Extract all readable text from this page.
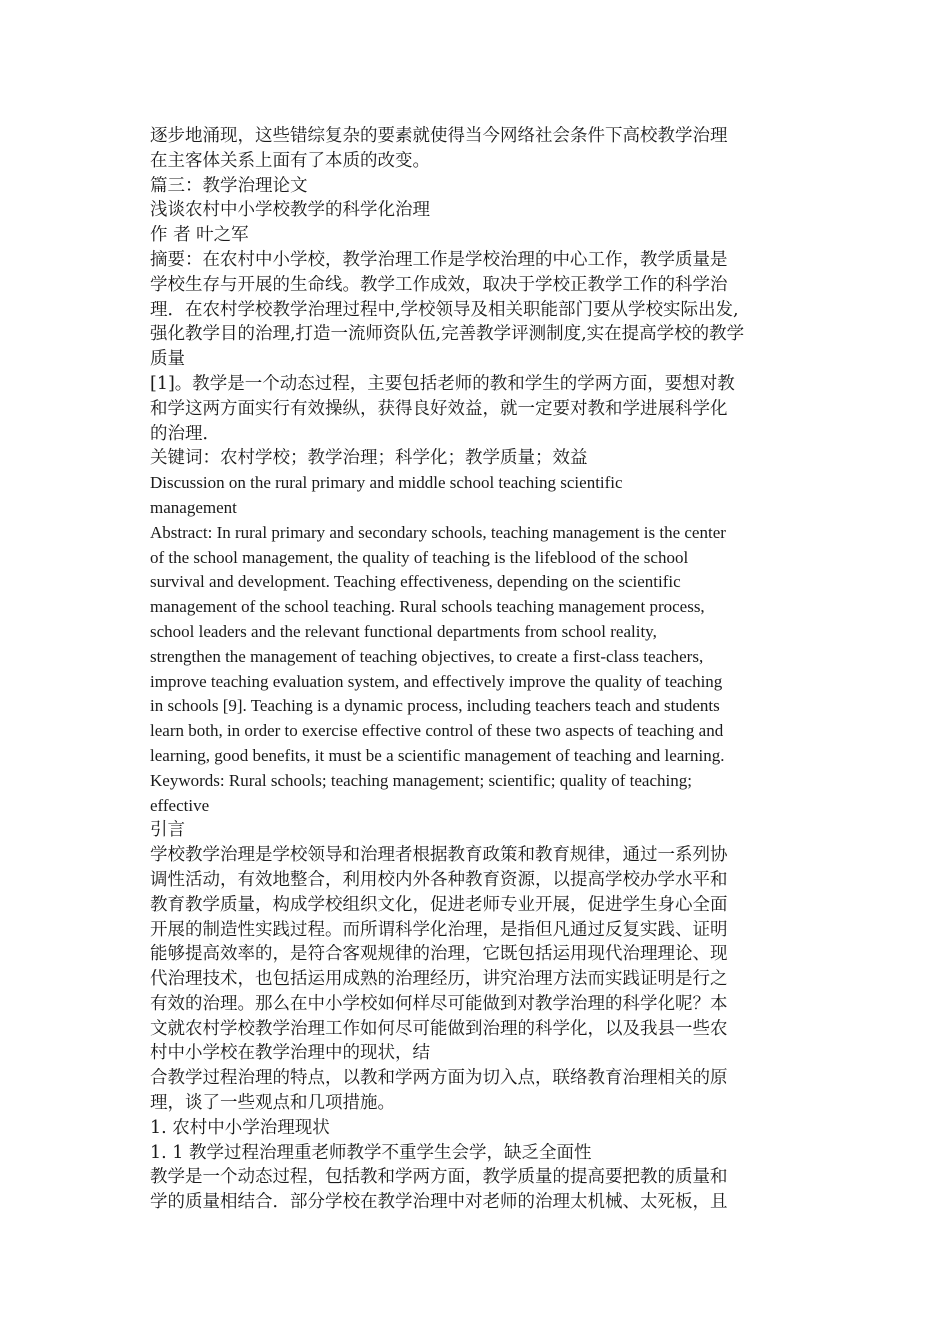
逐步地涌现，这些错综复杂的要素就使得当今网络社会条件下高校教学治理
在主客体关系上面有了本质的改变。
篇三：教学治理论文
浅谈农村中小学校教学的科学化治理
作 者 叶之军
摘要：在农村中小学校，教学治理工作是学校治理的中心工作，教学质量是
学校生存与开展的生命线。教学工作成效，取决于学校正教学工作的科学治
理．在农村学校教学治理过程中,学校领导及相关职能部门要从学校实际出发,
强化教学目的治理,打造一流师资队伍,完善教学评测制度,实在提高学校的教学
质量
[1]。教学是一个动态过程，主要包括老师的教和学生的学两方面，要想对教
和学这两方面实行有效操纵，获得良好效益，就一定要对教和学进展科学化
的治理．
关键词：农村学校；教学治理；科学化；教学质量；效益
Discussion on the rural primary and middle school teaching scientific
management
Abstract: In rural primary and secondary schools, teaching management is the center
of the school management, the quality of teaching is the lifeblood of the school
survival and development. Teaching effectiveness, depending on the scientific
management of the school teaching. Rural schools teaching management process,
school leaders and the relevant functional departments from school reality,
strengthen the management of teaching objectives, to create a first-class teachers,
improve teaching evaluation system, and effectively improve the quality of teaching
in schools [9]. Teaching is a dynamic process, including teachers teach and students
learn both, in order to exercise effective control of these two aspects of teaching and
learning, good benefits, it must be a scientific management of teaching and learning.
Keywords: Rural schools; teaching management; scientific; quality of teaching;
effective
引言
学校教学治理是学校领导和治理者根据教育政策和教育规律，通过一系列协
调性活动，有效地整合，利用校内外各种教育资源，以提高学校办学水平和
教育教学质量，构成学校组织文化，促进老师专业开展，促进学生身心全面
开展的制造性实践过程。而所谓科学化治理，是指但凡通过反复实践、证明
能够提高效率的，是符合客观规律的治理，它既包括运用现代治理理论、现
代治理技术，也包括运用成熟的治理经历，讲究治理方法而实践证明是行之
有效的治理。那么在中小学校如何样尽可能做到对教学治理的科学化呢？本
文就农村学校教学治理工作如何尽可能做到治理的科学化，以及我县一些农
村中小学校在教学治理中的现状，结
合教学过程治理的特点，以教和学两方面为切入点，联络教育治理相关的原
理，谈了一些观点和几项措施。
1. 农村中小学治理现状
1. 1 教学过程治理重老师教学不重学生会学，缺乏全面性
教学是一个动态过程，包括教和学两方面，教学质量的提高要把教的质量和
学的质量相结合．部分学校在教学治理中对老师的治理太机械、太死板，且
